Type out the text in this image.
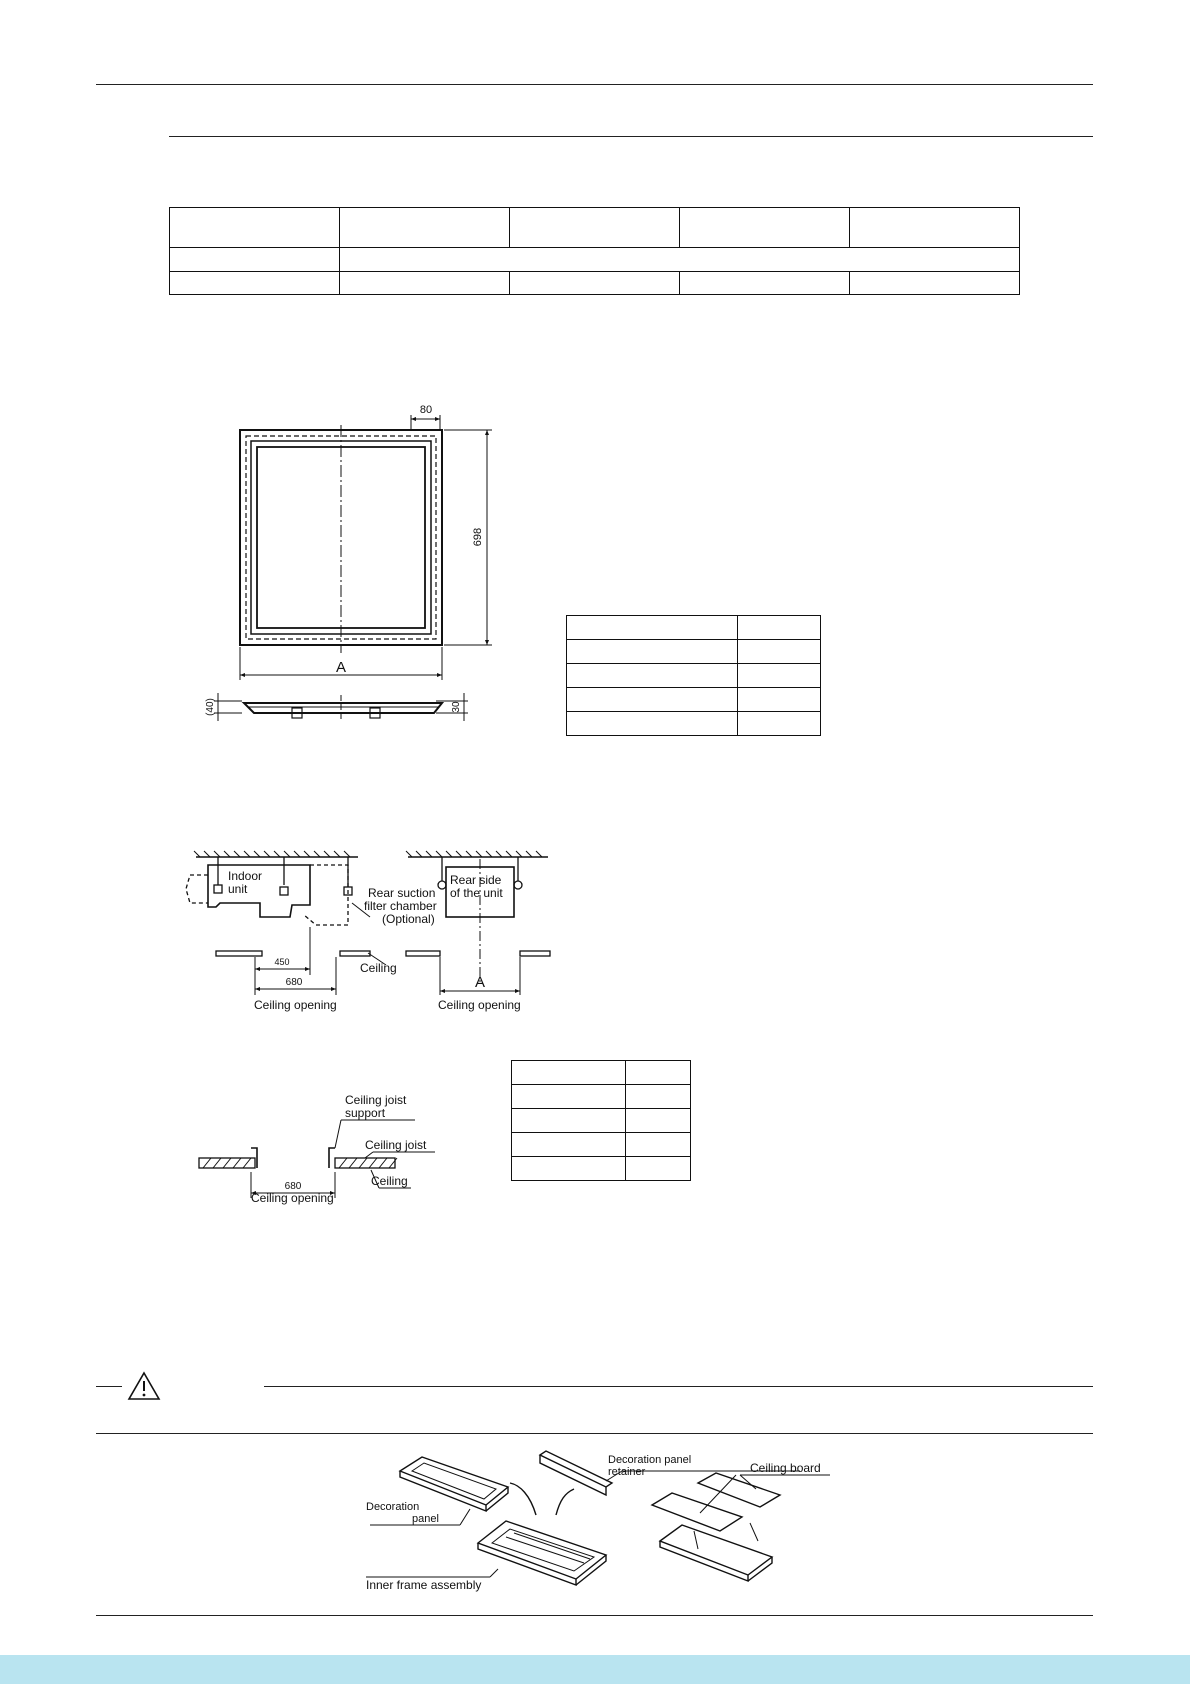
80
698
A
(40)	30

Indoor
unit	Rear suction
filter chamber
(Optional)
Rear side
of the unit
450
680
Ceiling
Ceiling opening
A
Ceiling opening
Ceiling joist
support
Ceiling joist
Ceiling
680
Ceiling opening

Decoration panel
retainer	Ceiling board
Decoration
panel
Inner frame assembly
